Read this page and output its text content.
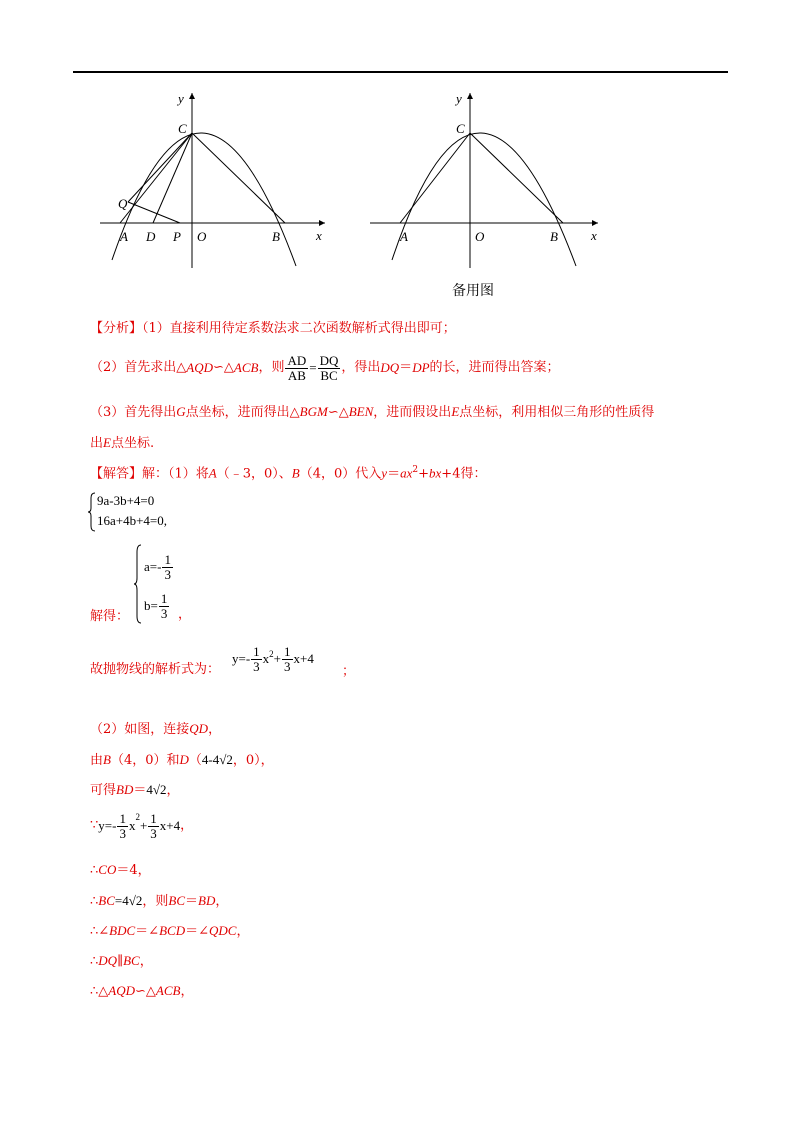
y
x
C
Q
A D P O	B
y
x
C
A	O	B
备用图
【分析】（1）直接利用待定系数法求二次函数解析式得出即可；
（2）首先求出△ AQD ∽△ ACB ，则 $\frac{AD}{AB} = \frac{DQ}{BC}$ ，得出 DQ ＝ DP 的长，进而得出答案；
（3）首先得出G点坐标，进而得出△BGM∽△BEN，进而假设出E点坐标，利用相似三角形的性质得
出E点坐标.
【解答】解：（1）将A（﹣3，0）、B（4，0）代入$y=ax^2+bx+4$得：
9a-3b+4=0
16a+4b+4=0,
$a=- \frac{1}{3}$
$b= \frac{1}{3}$
解得：	，
故抛物线的解析式为：
$y=- \frac{1}{3} x^2 + \frac{1}{3} x+4$
；
（2）如图，连接QD，
由B（4，0）和D（4-4√2，0），
可得BD＝4√2，
∵ $y=- \frac{1}{3}$ x
$^2$
+ $\frac{1}{3} x+4$ ，
∴CO＝4，
∴BC=4√2，则BC＝BD，
∴∠BDC＝∠BCD＝∠QDC，
∴DQ∥BC，
∴△AQD∽△ACB，
